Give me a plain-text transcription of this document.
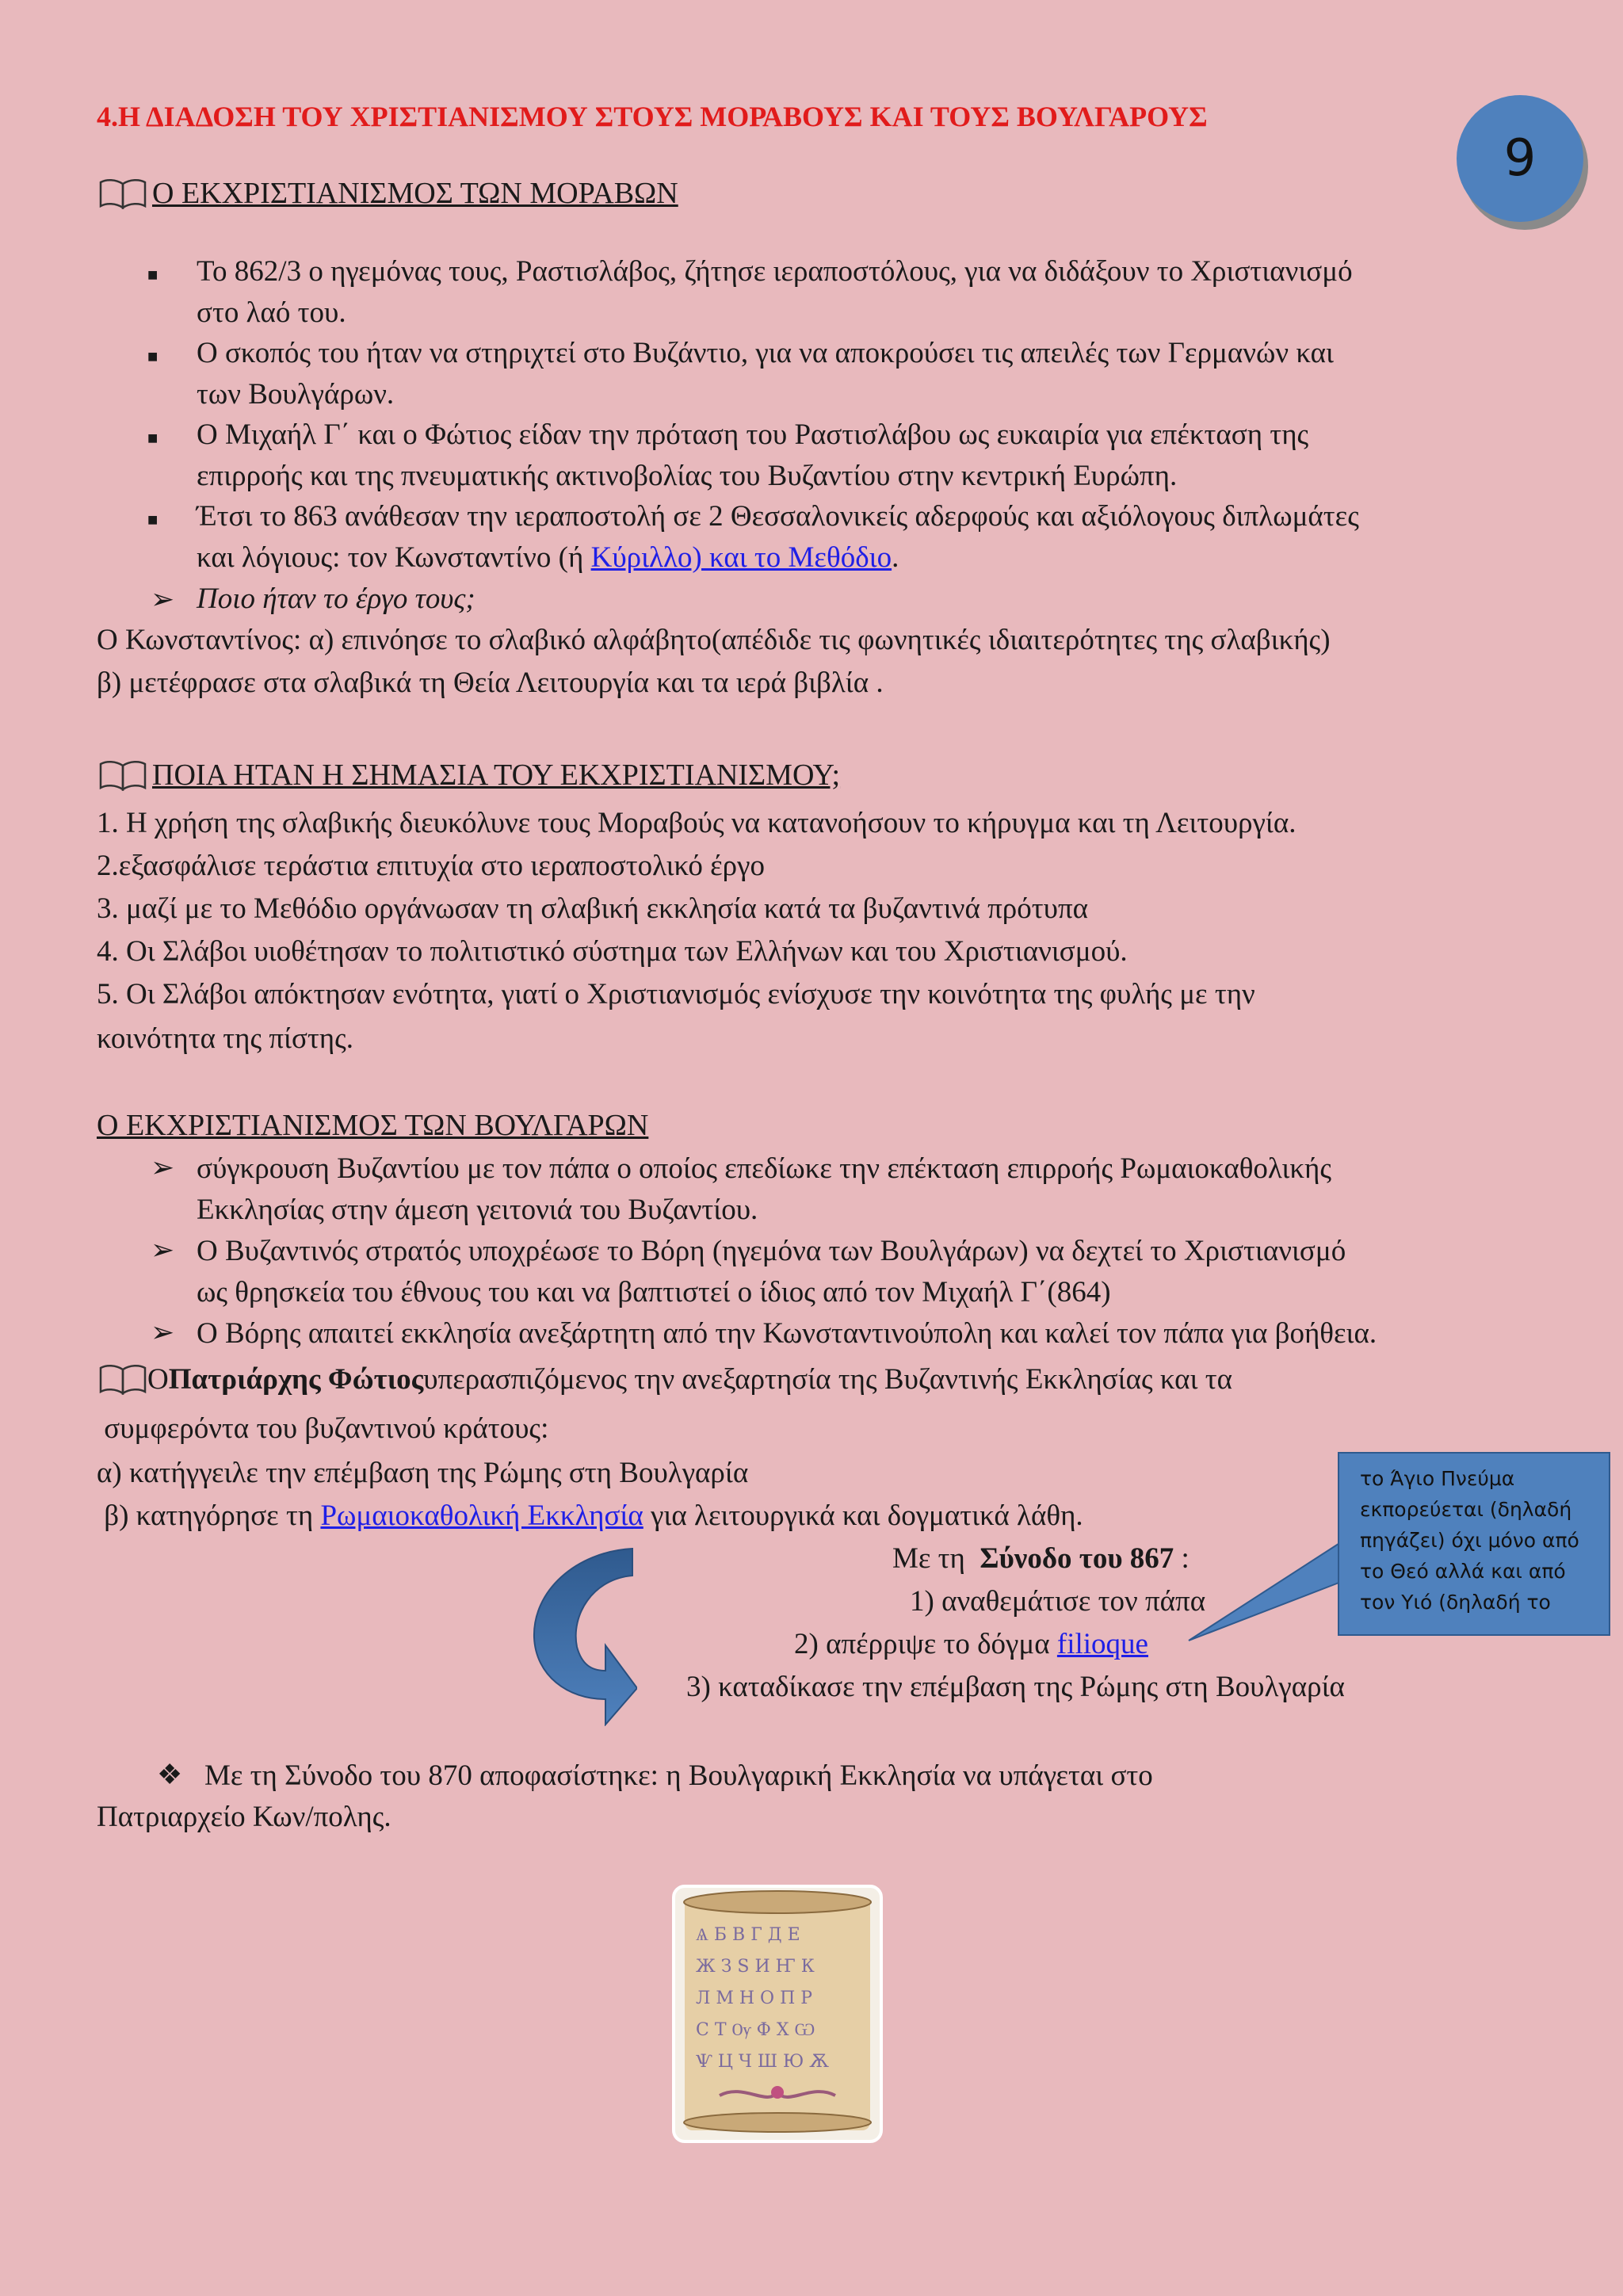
4.Η ΔΙΑΔΟΣΗ ΤΟΥ ΧΡΙΣΤΙΑΝΙΣΜΟΥ ΣΤΟΥΣ ΜΟΡΑΒΟΥΣ ΚΑΙ ΤΟΥΣ ΒΟΥΛΓΑΡΟΥΣ
9
Ο ΕΚΧΡΙΣΤΙΑΝΙΣΜΟΣ ΤΩΝ ΜΟΡΑΒΩΝ
■ Το 862/3 ο ηγεμόνας τους, Ραστισλάβος, ζήτησε ιεραποστόλους, για να διδάξουν το Χριστιανισμό
στο λαό του.
■ Ο σκοπός του ήταν να στηριχτεί στο Βυζάντιο, για να αποκρούσει τις απειλές των Γερμανών και
των Βουλγάρων.
■ Ο Μιχαήλ Γ΄ και ο Φώτιος είδαν την πρόταση του Ραστισλάβου ως ευκαιρία για επέκταση της
επιρροής και της πνευματικής ακτινοβολίας του Βυζαντίου στην κεντρική Ευρώπη.
■ Έτσι το 863 ανάθεσαν την ιεραποστολή σε 2 Θεσσαλονικείς αδερφούς και αξιόλογους διπλωμάτες
και λόγιους: τον Κωνσταντίνο (ή Κύριλλο) και το Μεθόδιο.
➢ Ποιο ήταν το έργο τους;
Ο Κωνσταντίνος: α) επινόησε το σλαβικό αλφάβητο(απέδιδε τις φωνητικές ιδιαιτερότητες της σλαβικής)
β) μετέφρασε στα σλαβικά τη Θεία Λειτουργία και τα ιερά βιβλία .
ΠΟΙΑ ΗΤΑΝ Η ΣΗΜΑΣΙΑ ΤΟΥ ΕΚΧΡΙΣΤΙΑΝΙΣΜΟΥ;
1. Η χρήση της σλαβικής διευκόλυνε τους Μοραβούς να κατανοήσουν το κήρυγμα και τη Λειτουργία.
2.εξασφάλισε τεράστια επιτυχία στο ιεραποστολικό έργο
3. μαζί με το Μεθόδιο οργάνωσαν τη σλαβική εκκλησία κατά τα βυζαντινά πρότυπα
4. Οι Σλάβοι υιοθέτησαν το πολιτιστικό σύστημα των Ελλήνων και του Χριστιανισμού.
5. Οι Σλάβοι απόκτησαν ενότητα, γιατί ο Χριστιανισμός ενίσχυσε την κοινότητα της φυλής με την
κοινότητα της πίστης.
Ο ΕΚΧΡΙΣΤΙΑΝΙΣΜΟΣ ΤΩΝ ΒΟΥΛΓΑΡΩΝ
➢ σύγκρουση Βυζαντίου με τον πάπα ο οποίος επεδίωκε την επέκταση επιρροής Ρωμαιοκαθολικής
Εκκλησίας στην άμεση γειτονιά του Βυζαντίου.
➢ Ο Βυζαντινός στρατός υποχρέωσε το Βόρη (ηγεμόνα των Βουλγάρων) να δεχτεί το Χριστιανισμό
ως θρησκεία του έθνους του και να βαπτιστεί ο ίδιος από τον Μιχαήλ Γ΄(864)
➢ Ο Βόρης απαιτεί εκκλησία ανεξάρτητη από την Κωνσταντινούπολη και καλεί τον πάπα για βοήθεια.
Ο Πατριάρχης Φώτιος υπερασπιζόμενος την ανεξαρτησία της Βυζαντινής Εκκλησίας και τα
συμφερόντα του βυζαντινού κράτους:
α) κατήγγειλε την επέμβαση της Ρώμης στη Βουλγαρία
β) κατηγόρησε τη Ρωμαιοκαθολική Εκκλησία για λειτουργικά και δογματικά λάθη.
Με τη  Σύνοδο του 867 :
1) αναθεμάτισε τον πάπα
2) απέρριψε το δόγμα filioque
3) καταδίκασε την επέμβαση της Ρώμης στη Βουλγαρία
το Άγιο Πνεύμα
εκπορεύεται (δηλαδή
πηγάζει) όχι μόνο από
το Θεό αλλά και από
τον Υιό (δηλαδή το
❖ Με τη Σύνοδο του 870 αποφασίστηκε: η Βουλγαρική Εκκλησία να υπάγεται στο
Πατριαρχείο Κων/πολης.
Ѧ Б В Г Д Е
Ж З Ѕ И Ҥ К
Л М Н О П Р
С Т Ѹ Ф Х Ѡ
Ѱ Ц Ч Ш Ю Ѫ
